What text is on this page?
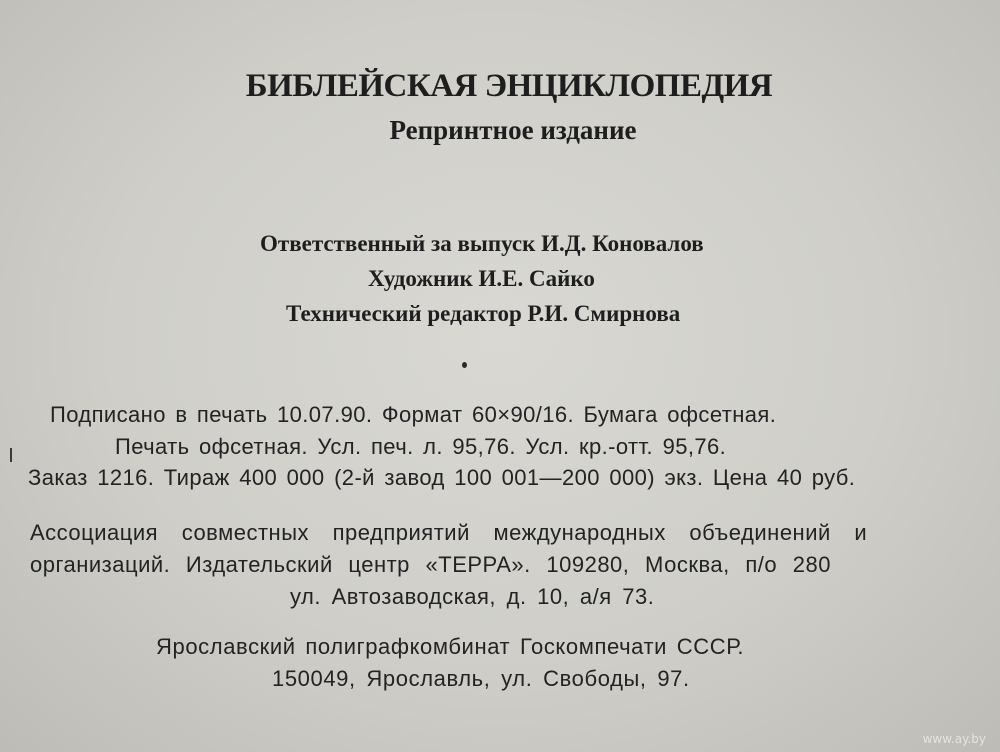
БИБЛЕЙСКАЯ ЭНЦИКЛОПЕДИЯ
Репринтное издание
Ответственный за выпуск И.Д. Коновалов
Художник И.Е. Сайко
Технический редактор Р.И. Смирнова
Подписано в печать 10.07.90. Формат 60×90/16. Бумага офсетная.
Печать офсетная. Усл. печ. л. 95,76. Усл. кр.-отт. 95,76.
Заказ 1216. Тираж 400 000 (2-й завод 100 001—200 000) экз. Цена 40 руб.
Ассоциация совместных предприятий международных объединений и
организаций. Издательский центр «ТЕРРА». 109280, Москва, п/о 280
ул. Автозаводская, д. 10, а/я 73.
Ярославский полиграфкомбинат Госкомпечати СССР.
150049, Ярославль, ул. Свободы, 97.
www.ay.by
